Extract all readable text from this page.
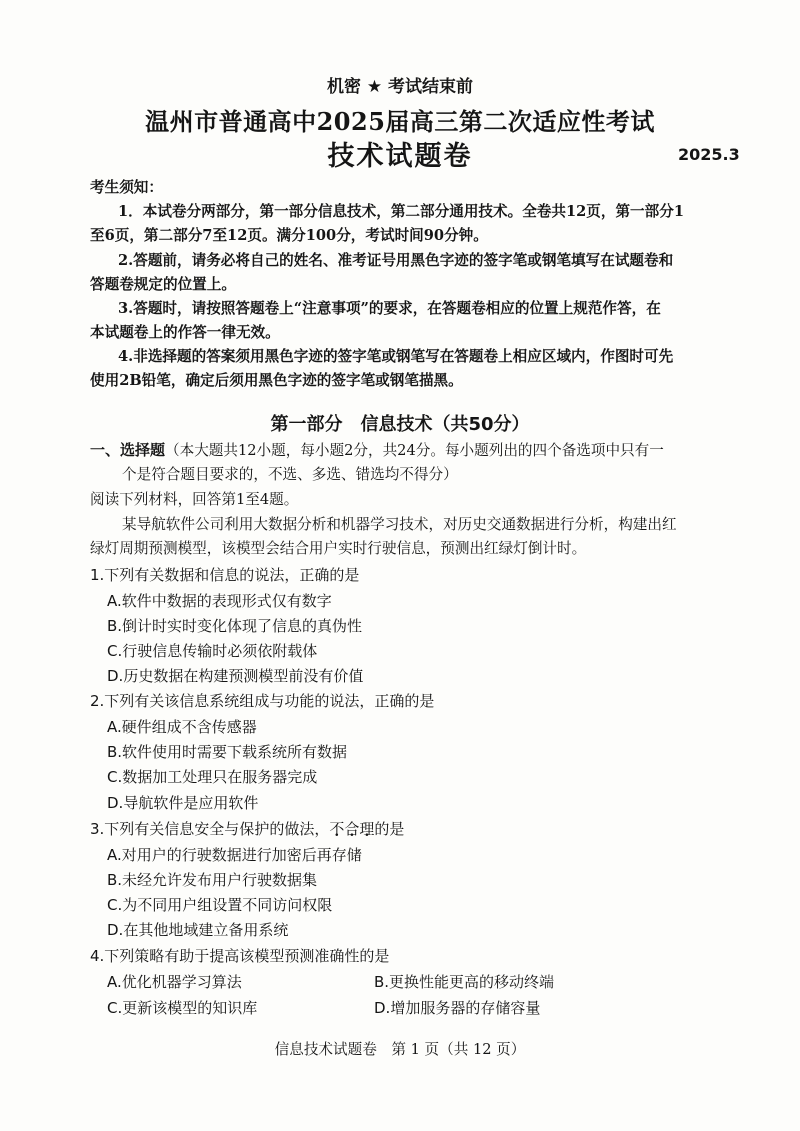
机密 ★ 考试结束前
温州市普通高中2025届高三第二次适应性考试
技术试题卷	2025.3
考生须知：
1．本试卷分两部分，第一部分信息技术，第二部分通用技术。全卷共12页，第一部分1
至6页，第二部分7至12页。满分100分，考试时间90分钟。
2.答题前，请务必将自己的姓名、准考证号用黑色字迹的签字笔或钢笔填写在试题卷和
答题卷规定的位置上。
3.答题时，请按照答题卷上“注意事项”的要求，在答题卷相应的位置上规范作答，在
本试题卷上的作答一律无效。
4.非选择题的答案须用黑色字迹的签字笔或钢笔写在答题卷上相应区域内，作图时可先
使用2B铅笔，确定后须用黑色字迹的签字笔或钢笔描黑。
第一部分　信息技术（共50分）
一、选择题（本大题共12小题，每小题2分，共24分。每小题列出的四个备选项中只有一
个是符合题目要求的，不选、多选、错选均不得分）
阅读下列材料，回答第1至4题。
某导航软件公司利用大数据分析和机器学习技术，对历史交通数据进行分析，构建出红
绿灯周期预测模型，该模型会结合用户实时行驶信息，预测出红绿灯倒计时。
1.下列有关数据和信息的说法，正确的是
A.软件中数据的表现形式仅有数字
B.倒计时实时变化体现了信息的真伪性
C.行驶信息传输时必须依附载体
D.历史数据在构建预测模型前没有价值
2.下列有关该信息系统组成与功能的说法，正确的是
A.硬件组成不含传感器
B.软件使用时需要下载系统所有数据
C.数据加工处理只在服务器完成
D.导航软件是应用软件
3.下列有关信息安全与保护的做法，不合理的是
A.对用户的行驶数据进行加密后再存储
B.未经允许发布用户行驶数据集
C.为不同用户组设置不同访问权限
D.在其他地域建立备用系统
4.下列策略有助于提高该模型预测准确性的是
A.优化机器学习算法	B.更换性能更高的移动终端
C.更新该模型的知识库	D.增加服务器的存储容量
信息技术试题卷　第 1 页（共 12 页）
